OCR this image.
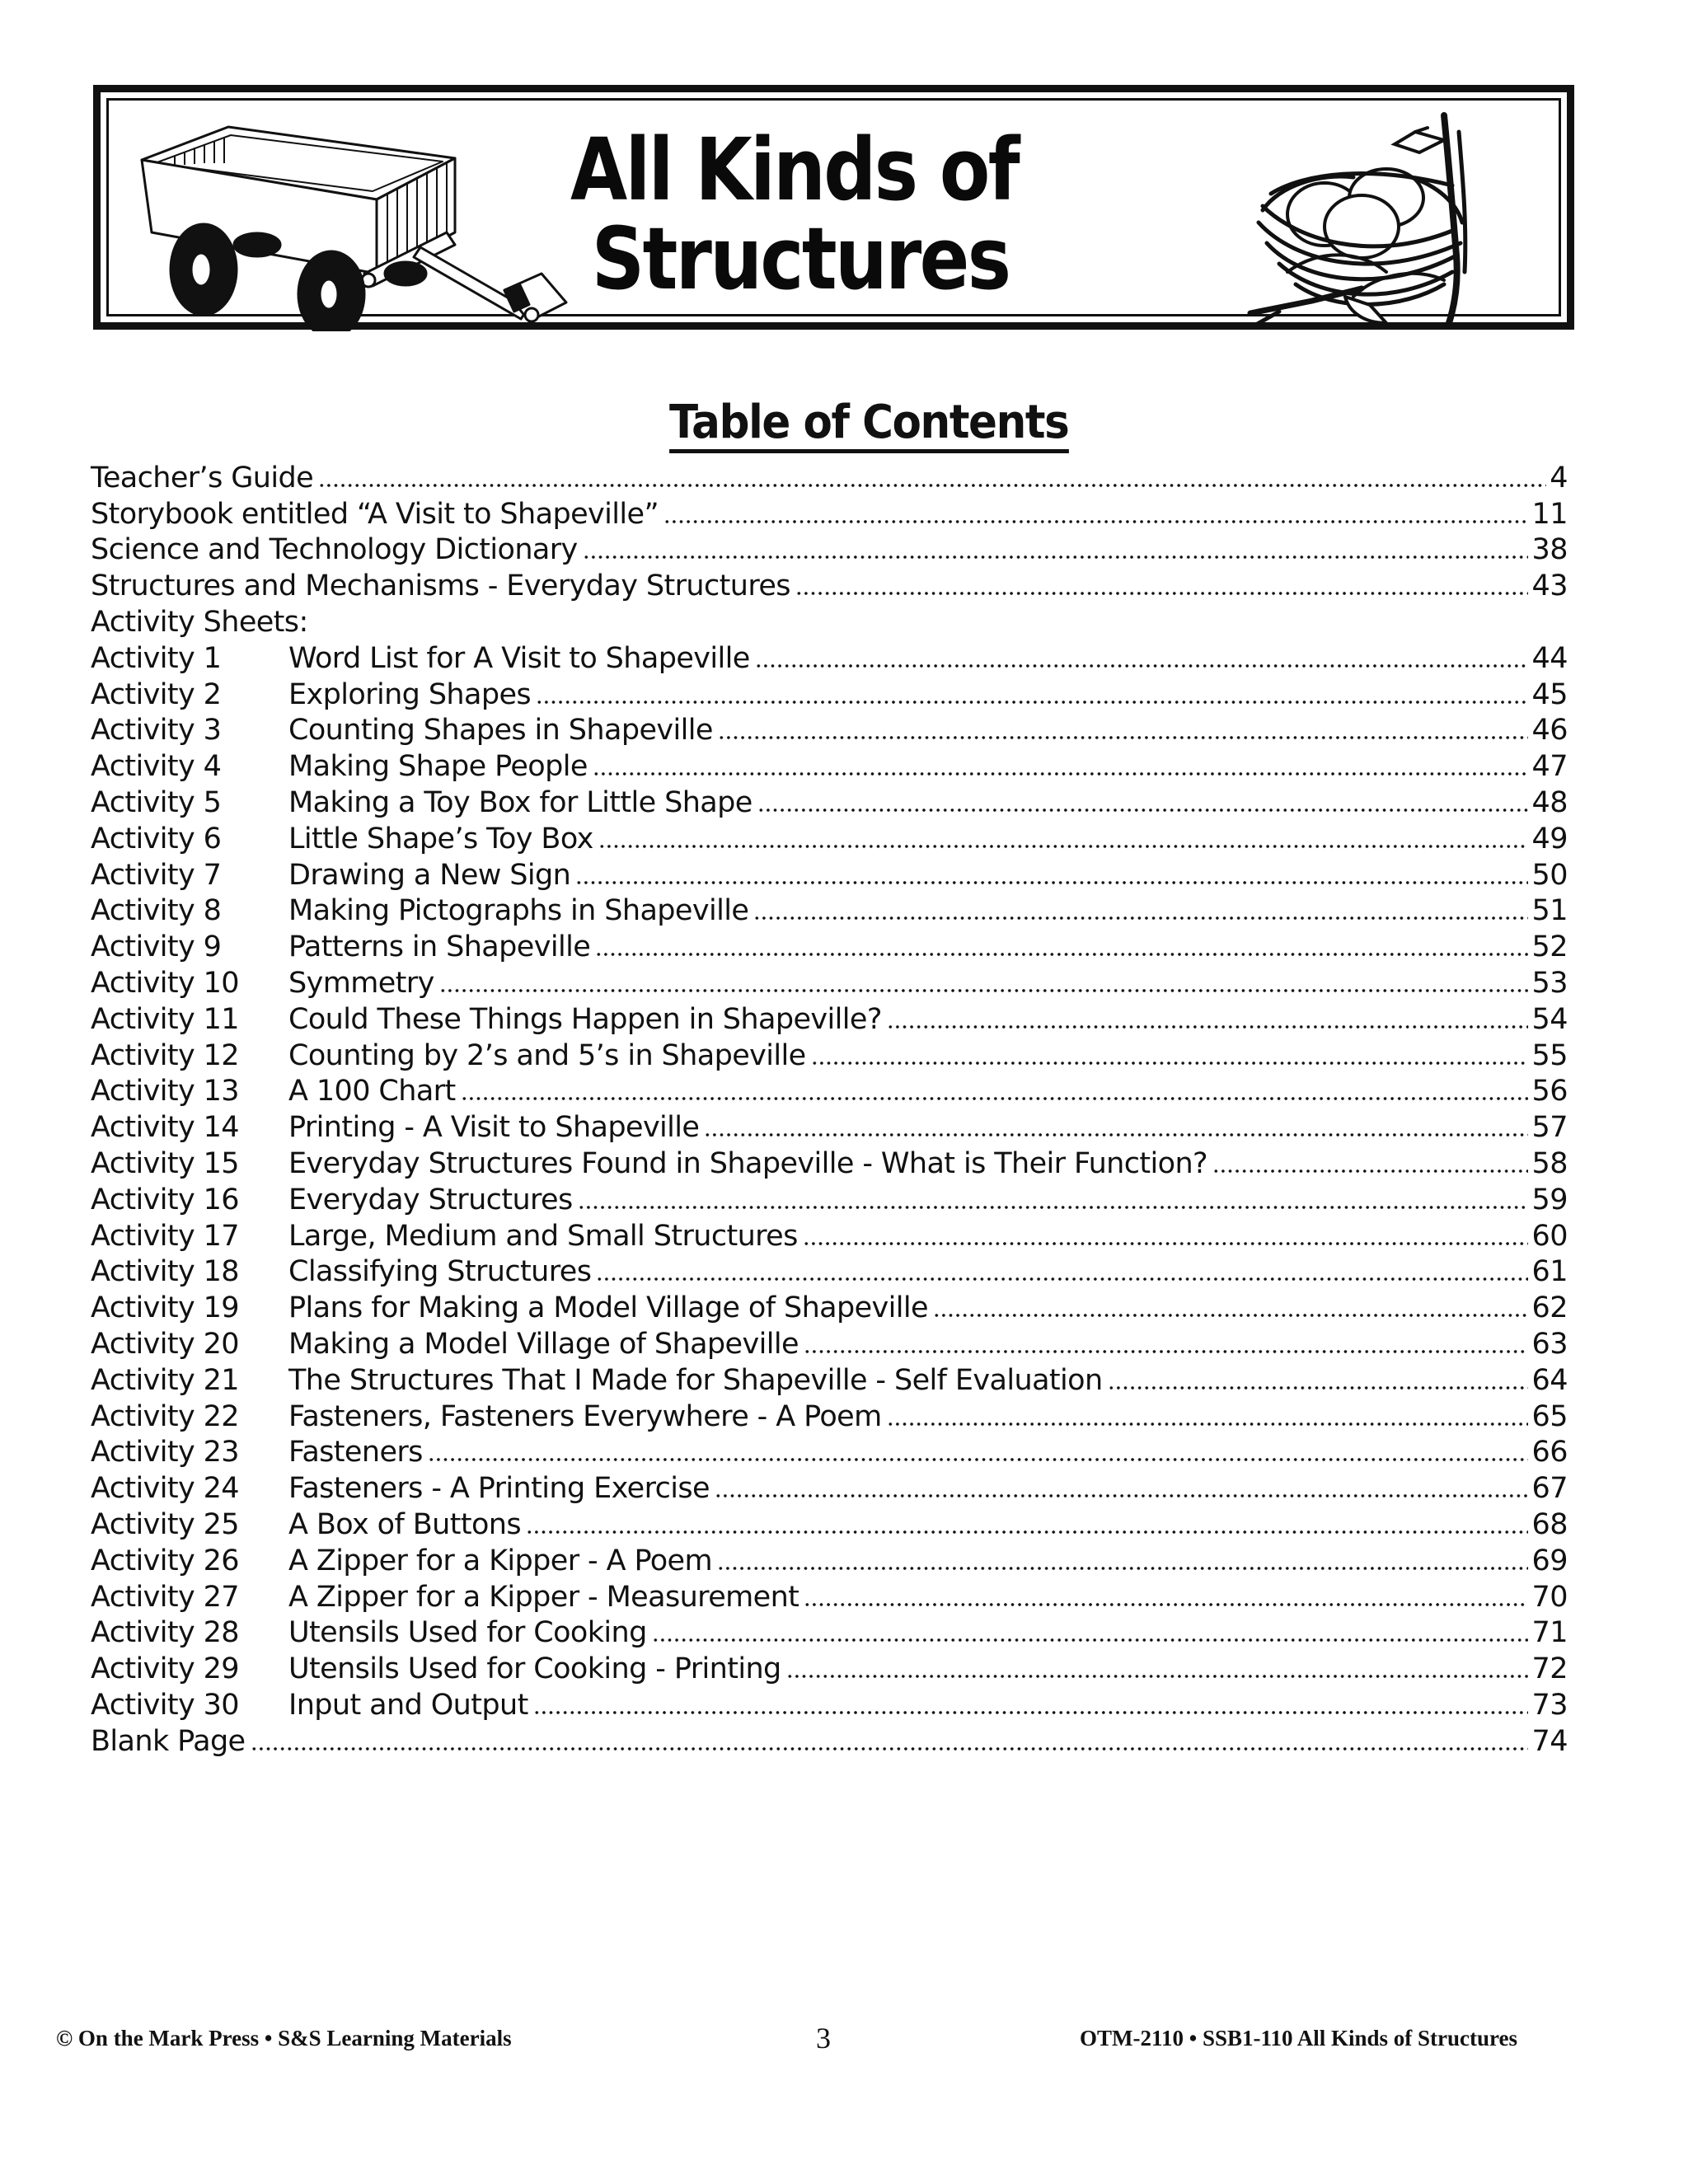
All Kinds of
Structures
Table of Contents
Teacher’s Guide	4
Storybook entitled “A Visit to Shapeville”	11
Science and Technology Dictionary	38
Structures and Mechanisms - Everyday Structures	43
Activity Sheets:
Activity 1	Word List for A Visit to Shapeville	44
Activity 2	Exploring Shapes	45
Activity 3	Counting Shapes in Shapeville	46
Activity 4	Making Shape People	47
Activity 5	Making a Toy Box for Little Shape	48
Activity 6	Little Shape’s Toy Box	49
Activity 7	Drawing a New Sign	50
Activity 8	Making Pictographs in Shapeville	51
Activity 9	Patterns in Shapeville	52
Activity 10	Symmetry	53
Activity 11	Could These Things Happen in Shapeville?	54
Activity 12	Counting by 2’s and 5’s in Shapeville	55
Activity 13	A 100 Chart	56
Activity 14	Printing - A Visit to Shapeville	57
Activity 15	Everyday Structures Found in Shapeville - What is Their Function?	58
Activity 16	Everyday Structures	59
Activity 17	Large, Medium and Small Structures	60
Activity 18	Classifying Structures	61
Activity 19	Plans for Making a Model Village of Shapeville	62
Activity 20	Making a Model Village of Shapeville	63
Activity 21	The Structures That I Made for Shapeville - Self Evaluation	64
Activity 22	Fasteners, Fasteners Everywhere - A Poem	65
Activity 23	Fasteners	66
Activity 24	Fasteners - A Printing Exercise	67
Activity 25	A Box of Buttons	68
Activity 26	A Zipper for a Kipper - A Poem	69
Activity 27	A Zipper for a Kipper - Measurement	70
Activity 28	Utensils Used for Cooking	71
Activity 29	Utensils Used for Cooking - Printing	72
Activity 30	Input and Output	73
Blank Page	74
© On the Mark Press • S&S Learning Materials	3	OTM-2110 • SSB1-110 All Kinds of Structures
